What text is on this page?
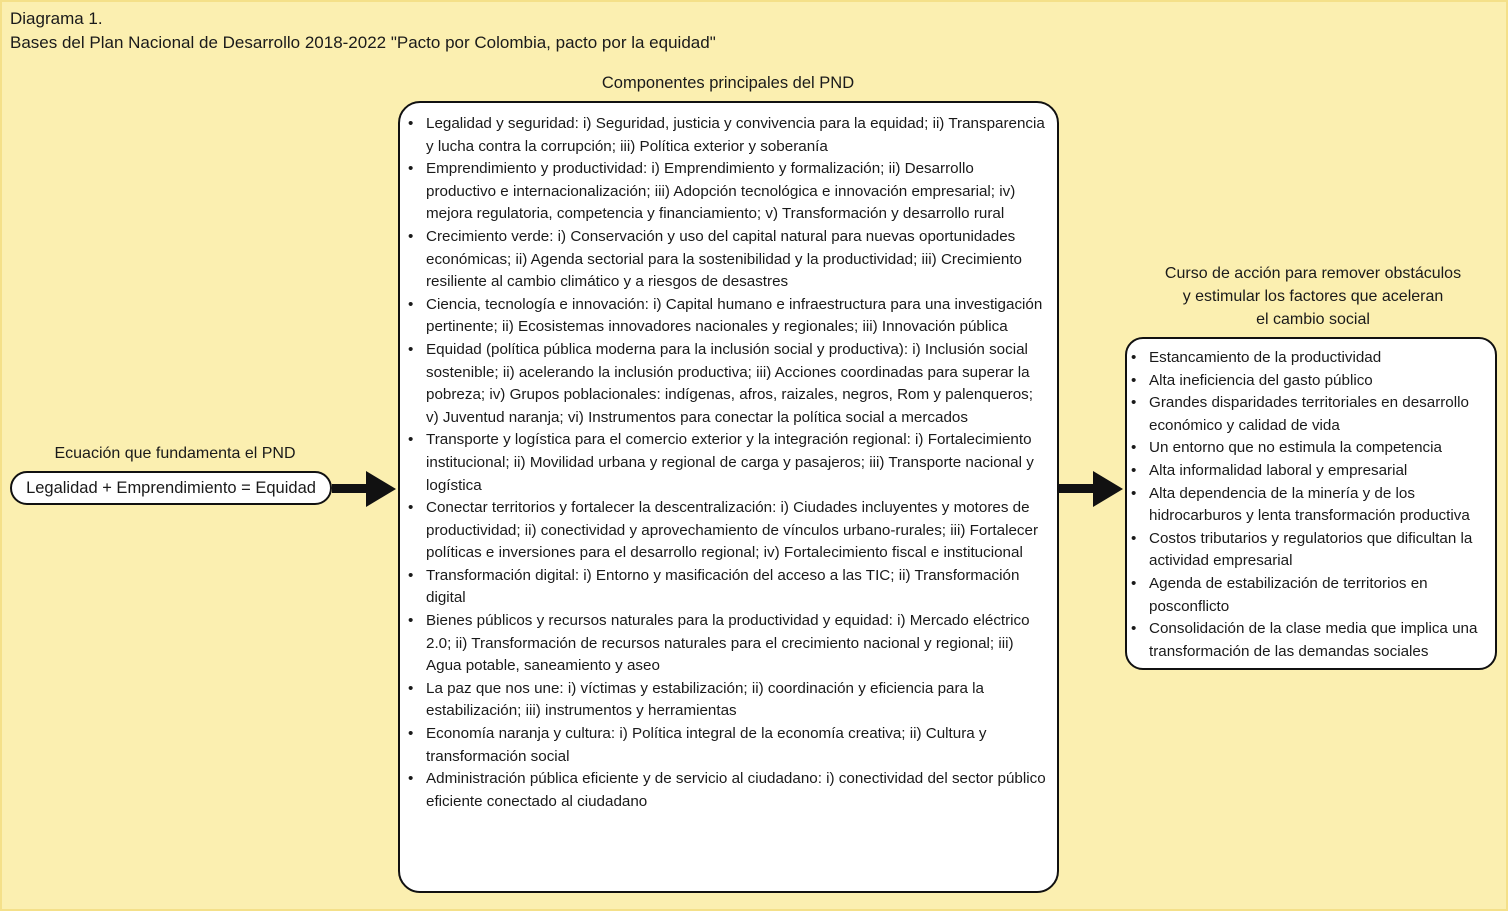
Diagrama 1.
Bases del Plan Nacional de Desarrollo 2018-2022 "Pacto por Colombia, pacto por la equidad"
Ecuación que fundamenta el PND
Legalidad + Emprendimiento = Equidad
Componentes principales del PND
• Legalidad y seguridad: i) Seguridad, justicia y convivencia para la equidad; ii) Transparencia y lucha contra la corrupción; iii) Política exterior y soberanía
• Emprendimiento y productividad: i) Emprendimiento y formalización; ii) Desarrollo productivo e internacionalización; iii) Adopción tecnológica e innovación empresarial; iv) mejora regulatoria, competencia y financiamiento; v) Transformación y desarrollo rural
• Crecimiento verde: i) Conservación y uso del capital natural para nuevas oportunidades económicas; ii) Agenda sectorial para la sostenibilidad y la productividad; iii) Crecimiento resiliente al cambio climático y a riesgos de desastres
• Ciencia, tecnología e innovación: i) Capital humano e infraestructura para una investigación pertinente; ii) Ecosistemas innovadores nacionales y regionales; iii) Innovación pública
• Equidad (política pública moderna para la inclusión social y productiva): i) Inclusión social sostenible; ii) acelerando la inclusión productiva; iii) Acciones coordinadas para superar la pobreza; iv) Grupos poblacionales: indígenas, afros, raizales, negros, Rom y palenqueros; v) Juventud naranja; vi) Instrumentos para conectar la política social a mercados
• Transporte y logística para el comercio exterior y la integración regional: i) Fortalecimiento institucional; ii) Movilidad urbana y regional de carga y pasajeros; iii) Transporte nacional y logística
• Conectar territorios y fortalecer la descentralización: i) Ciudades incluyentes y motores de productividad; ii) conectividad y aprovechamiento de vínculos urbano-rurales; iii) Fortalecer políticas e inversiones para el desarrollo regional; iv) Fortalecimiento fiscal e institucional
• Transformación digital: i) Entorno y masificación del acceso a las TIC; ii) Transformación digital
• Bienes públicos y recursos naturales para la productividad y equidad: i) Mercado eléctrico 2.0; ii) Transformación de recursos naturales para el crecimiento nacional y regional; iii) Agua potable, saneamiento y aseo
• La paz que nos une: i) víctimas y estabilización; ii) coordinación y eficiencia para la estabilización; iii) instrumentos y herramientas
• Economía naranja y cultura: i) Política integral de la economía creativa; ii) Cultura y transformación social
• Administración pública eficiente y de servicio al ciudadano: i) conectividad del sector público eficiente conectado al ciudadano
Curso de acción para remover obstáculos
y estimular los factores que aceleran
el cambio social
• Estancamiento de la productividad
• Alta ineficiencia del gasto público
• Grandes disparidades territoriales en desarrollo económico y calidad de vida
• Un entorno que no estimula la competencia
• Alta informalidad laboral y empresarial
• Alta dependencia de la minería y de los hidrocarburos y lenta transformación productiva
• Costos tributarios y regulatorios que dificultan la actividad empresarial
• Agenda de estabilización de territorios en posconflicto
• Consolidación de la clase media que implica una transformación de las demandas sociales
